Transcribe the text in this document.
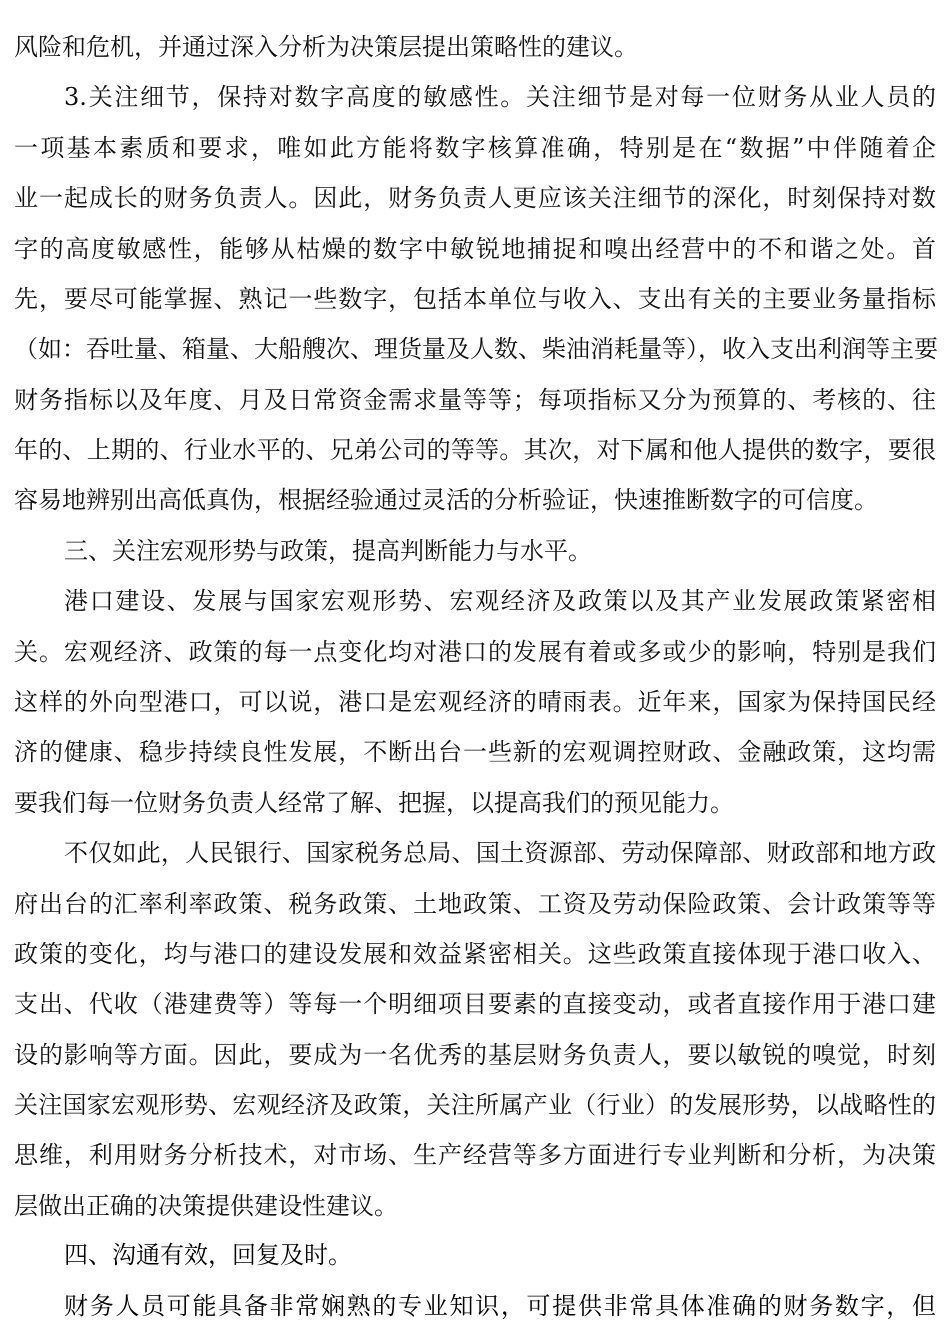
风险和危机，并通过深入分析为决策层提出策略性的建议。
3.关注细节，保持对数字高度的敏感性。关注细节是对每一位财务从业人员的
一项基本素质和要求，唯如此方能将数字核算准确，特别是在“数据”中伴随着企
业一起成长的财务负责人。因此，财务负责人更应该关注细节的深化，时刻保持对数
字的高度敏感性，能够从枯燥的数字中敏锐地捕捉和嗅出经营中的不和谐之处。首
先，要尽可能掌握、熟记一些数字，包括本单位与收入、支出有关的主要业务量指标
（如：吞吐量、箱量、大船艘次、理货量及人数、柴油消耗量等），收入支出利润等主要
财务指标以及年度、月及日常资金需求量等等；每项指标又分为预算的、考核的、往
年的、上期的、行业水平的、兄弟公司的等等。其次，对下属和他人提供的数字，要很
容易地辨别出高低真伪，根据经验通过灵活的分析验证，快速推断数字的可信度。
三、关注宏观形势与政策，提高判断能力与水平。
港口建设、发展与国家宏观形势、宏观经济及政策以及其产业发展政策紧密相
关。宏观经济、政策的每一点变化均对港口的发展有着或多或少的影响，特别是我们
这样的外向型港口，可以说，港口是宏观经济的晴雨表。近年来，国家为保持国民经
济的健康、稳步持续良性发展，不断出台一些新的宏观调控财政、金融政策，这均需
要我们每一位财务负责人经常了解、把握，以提高我们的预见能力。
不仅如此，人民银行、国家税务总局、国土资源部、劳动保障部、财政部和地方政
府出台的汇率利率政策、税务政策、土地政策、工资及劳动保险政策、会计政策等等
政策的变化，均与港口的建设发展和效益紧密相关。这些政策直接体现于港口收入、
支出、代收（港建费等）等每一个明细项目要素的直接变动，或者直接作用于港口建
设的影响等方面。因此，要成为一名优秀的基层财务负责人，要以敏锐的嗅觉，时刻
关注国家宏观形势、宏观经济及政策，关注所属产业（行业）的发展形势，以战略性的
思维，利用财务分析技术，对市场、生产经营等多方面进行专业判断和分析，为决策
层做出正确的决策提供建设性建议。
四、沟通有效，回复及时。
财务人员可能具备非常娴熟的专业知识，可提供非常具体准确的财务数字，但
